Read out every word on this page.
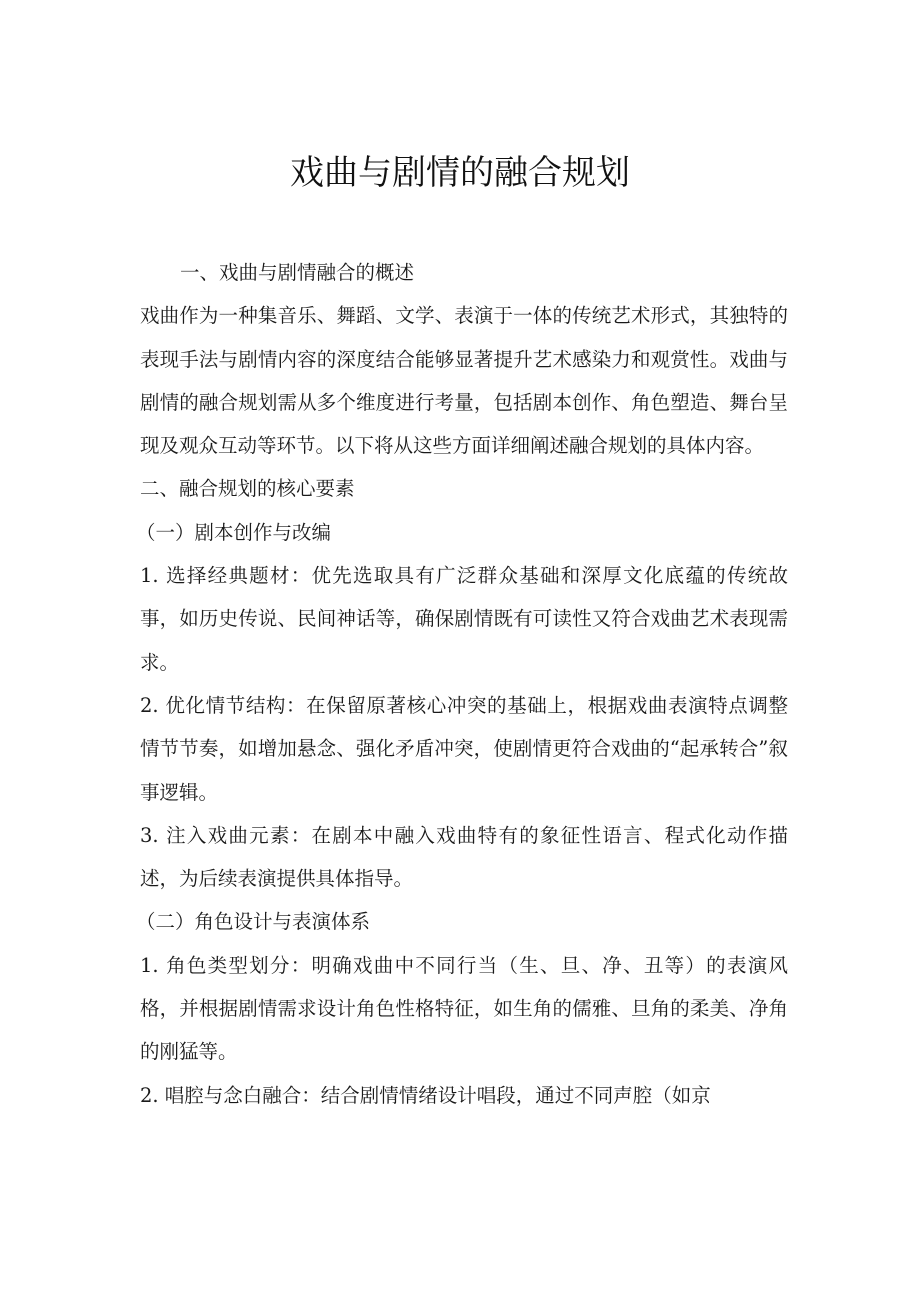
戏曲与剧情的融合规划

一、戏曲与剧情融合的概述

戏曲作为一种集音乐、舞蹈、文学、表演于一体的传统艺术形式，其独特的表现手法与剧情内容的深度结合能够显著提升艺术感染力和观赏性。戏曲与剧情的融合规划需从多个维度进行考量，包括剧本创作、角色塑造、舞台呈现及观众互动等环节。以下将从这些方面详细阐述融合规划的具体内容。

二、融合规划的核心要素

（一）剧本创作与改编

1. 选择经典题材：优先选取具有广泛群众基础和深厚文化底蕴的传统故事，如历史传说、民间神话等，确保剧情既有可读性又符合戏曲艺术表现需求。

2. 优化情节结构：在保留原著核心冲突的基础上，根据戏曲表演特点调整情节节奏，如增加悬念、强化矛盾冲突，使剧情更符合戏曲的“起承转合”叙事逻辑。

3. 注入戏曲元素：在剧本中融入戏曲特有的象征性语言、程式化动作描述，为后续表演提供具体指导。

（二）角色设计与表演体系

1. 角色类型划分：明确戏曲中不同行当（生、旦、净、丑等）的表演风格，并根据剧情需求设计角色性格特征，如生角的儒雅、旦角的柔美、净角的刚猛等。

2. 唱腔与念白融合：结合剧情情绪设计唱段，通过不同声腔（如京
